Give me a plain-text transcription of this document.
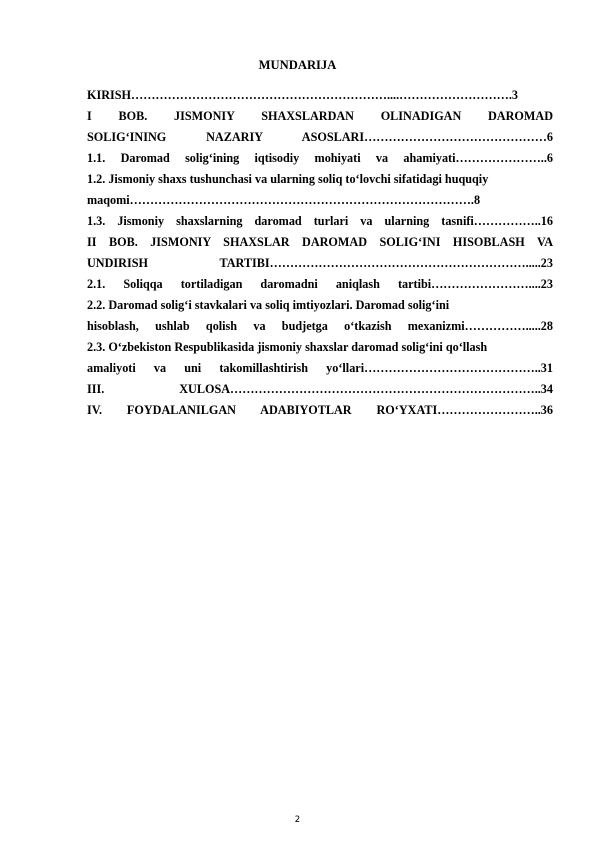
MUNDARIJA
KIRISH………………………………………………………....……………………….3
I BOB. JISMONIY SHAXSLARDAN OLINADIGAN DAROMAD
SOLIG‘INING NAZARIY ASOSLARI………………………………………6
1.1. Daromad solig‘ining iqtisodiy mohiyati va ahamiyati…………………..6
1.2. Jismoniy shaxs tushunchasi va ularning soliq to‘lovchi sifatidagi huquqiy
maqomi………………………………………………………………………….8
1.3. Jismoniy shaxslarning daromad turlari va ularning tasnifi……………..16
II BOB. JISMONIY SHAXSLAR DAROMAD SOLIG‘INI HISOBLASH VA
UNDIRISH TARTIBI……………………………………………………….....23
2.1. Soliqqa tortiladigan daromadni aniqlash tartibi……………………....23
2.2. Daromad solig‘i stavkalari va soliq imtiyozlari. Daromad solig‘ini
hisoblash, ushlab qolish va budjetga o‘tkazish mexanizmi…………….....28
2.3. O‘zbekiston Respublikasida jismoniy shaxslar daromad solig‘ini qo‘llash
amaliyoti va uni takomillashtirish yo‘llari……………………………………..31
III. XULOSA…………………………………………………………………..34
IV. FOYDALANILGAN ADABIYOTLAR RO‘YXATI……………………..36
2
